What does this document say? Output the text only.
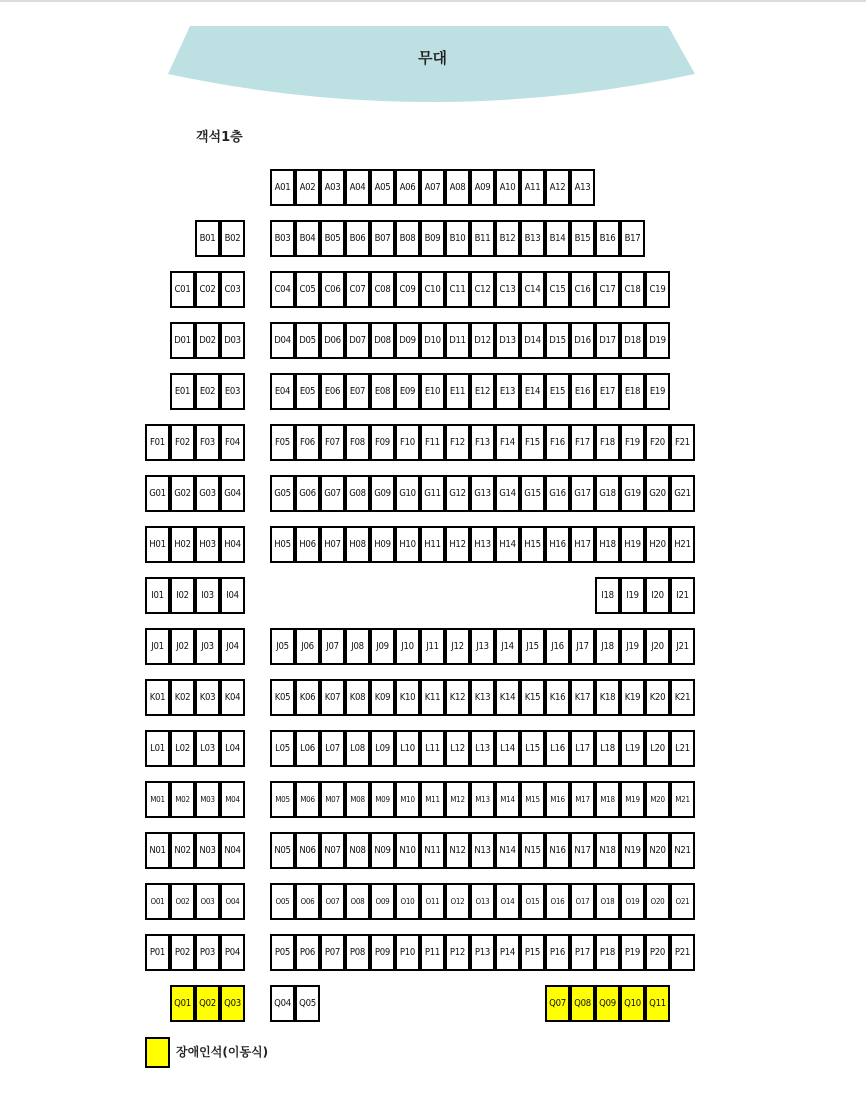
무대
객석1층
A01 A02 A03 A04 A05 A06 A07 A08 A09 A10 A11 A12 A13
B01 B02	B03 B04 B05 B06 B07 B08 B09 B10 B11 B12 B13 B14 B15 B16 B17
C01 C02 C03	C04 C05 C06 C07 C08 C09 C10 C11 C12 C13 C14 C15 C16 C17 C18 C19
D01 D02 D03	D04 D05 D06 D07 D08 D09 D10 D11 D12 D13 D14 D15 D16 D17 D18 D19
E01	E02	E03	E04	E05	E06	E07	E08	E09	E10	E11	E12	E13	E14	E15	E16	E17	E18	E19
F01	F02	F03	F04	F05	F06	F07	F08	F09	F10	F11	F12	F13	F14	F15	F16	F17	F18	F19	F20	F21
G01 G02 G03 G04	G05 G06 G07 G08 G09 G10 G11 G12 G13 G14 G15 G16 G17 G18 G19 G20 G21
H01 H02 H03 H04	H05 H06 H07 H08 H09 H10 H11 H12 H13 H14 H15 H16 H17 H18 H19 H20 H21
I01	I02	I03	I04	I18	I19	I20	I21
J01	J02	J03	J04	J05	J06	J07	J08	J09	J10	J11	J12	J13	J14	J15	J16	J17	J18	J19	J20	J21
K01 K02 K03 K04	K05 K06 K07 K08 K09 K10 K11 K12 K13 K14 K15 K16 K17 K18 K19 K20 K21
L01	L02	L03	L04	L05	L06	L07	L08	L09	L10	L11	L12	L13	L14	L15	L16	L17	L18	L19	L20	L21
M01	M02	M03	M04	M05	M06	M07	M08	M09	M10	M11	M12	M13	M14	M15	M16	M17	M18	M19	M20	M21
N01 N02 N03 N04	N05 N06 N07 N08 N09 N10 N11 N12 N13 N14 N15 N16 N17 N18 N19 N20 N21
O01	O02	O03	O04	O05	O06	O07	O08	O09	O10	O11	O12	O13	O14	O15	O16	O17	O18	O19	O20	O21
P01	P02	P03	P04	P05	P06	P07	P08	P09	P10	P11	P12	P13	P14	P15	P16	P17	P18	P19	P20	P21
Q01 Q02 Q03	Q04 Q05	Q07 Q08 Q09 Q10 Q11
장애인석(이동식)
